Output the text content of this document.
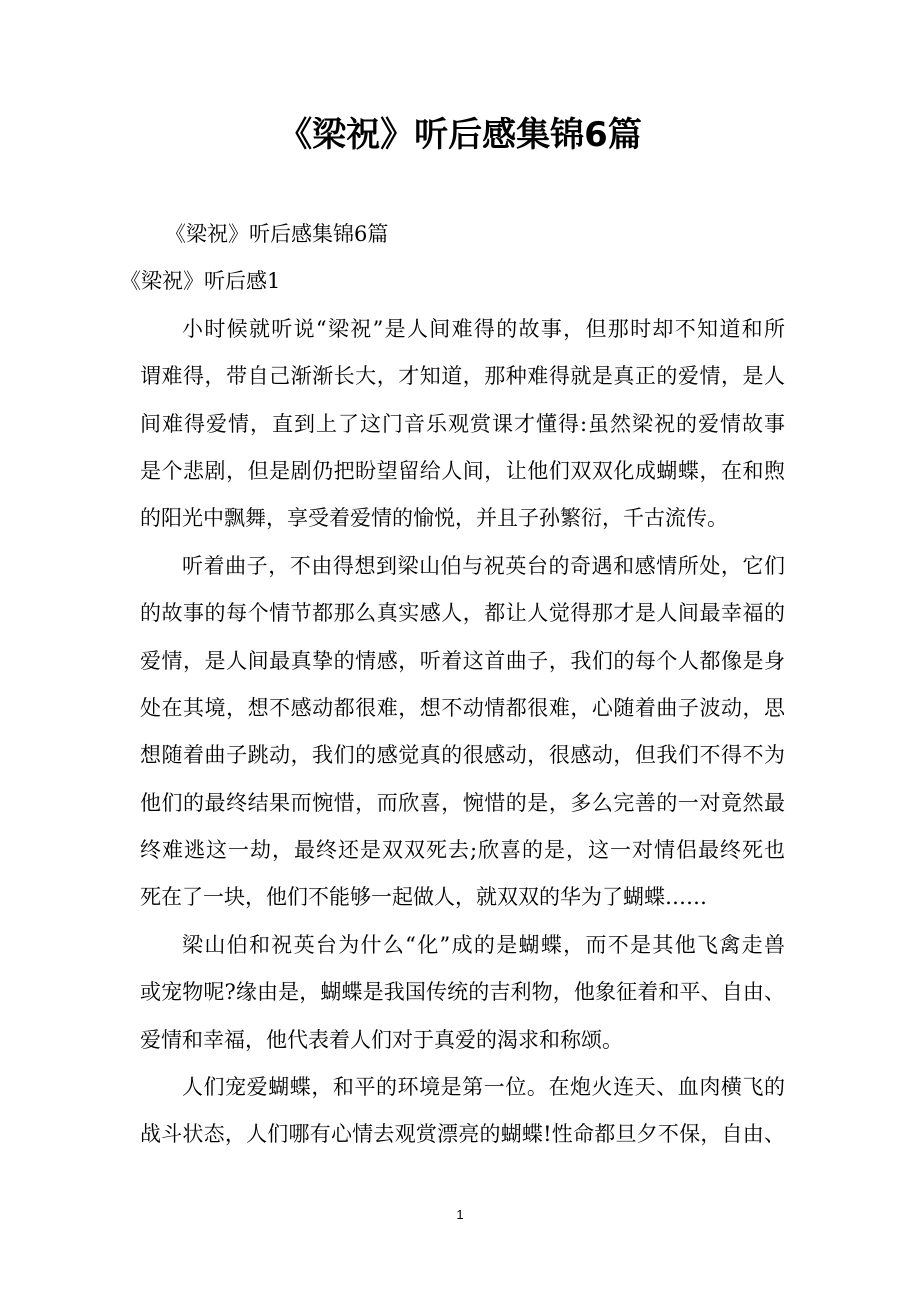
《梁祝》听后感集锦6篇
《梁祝》听后感集锦6篇
《梁祝》听后感1
小时候就听说“梁祝”是人间难得的故事，但那时却不知道和所
谓难得，带自己渐渐长大，才知道，那种难得就是真正的爱情，是人
间难得爱情，直到上了这门音乐观赏课才懂得:虽然梁祝的爱情故事
是个悲剧，但是剧仍把盼望留给人间，让他们双双化成蝴蝶，在和煦
的阳光中飘舞，享受着爱情的愉悦，并且子孙繁衍，千古流传。
听着曲子，不由得想到梁山伯与祝英台的奇遇和感情所处，它们
的故事的每个情节都那么真实感人，都让人觉得那才是人间最幸福的
爱情，是人间最真挚的情感，听着这首曲子，我们的每个人都像是身
处在其境，想不感动都很难，想不动情都很难，心随着曲子波动，思
想随着曲子跳动，我们的感觉真的很感动，很感动，但我们不得不为
他们的最终结果而惋惜，而欣喜，惋惜的是，多么完善的一对竟然最
终难逃这一劫，最终还是双双死去;欣喜的是，这一对情侣最终死也
死在了一块，他们不能够一起做人，就双双的华为了蝴蝶……
梁山伯和祝英台为什么“化”成的是蝴蝶，而不是其他飞禽走兽
或宠物呢?缘由是，蝴蝶是我国传统的吉利物，他象征着和平、自由、
爱情和幸福，他代表着人们对于真爱的渴求和称颂。
人们宠爱蝴蝶，和平的环境是第一位。在炮火连天、血肉横飞的
战斗状态，人们哪有心情去观赏漂亮的蝴蝶!性命都旦夕不保，自由、
1
